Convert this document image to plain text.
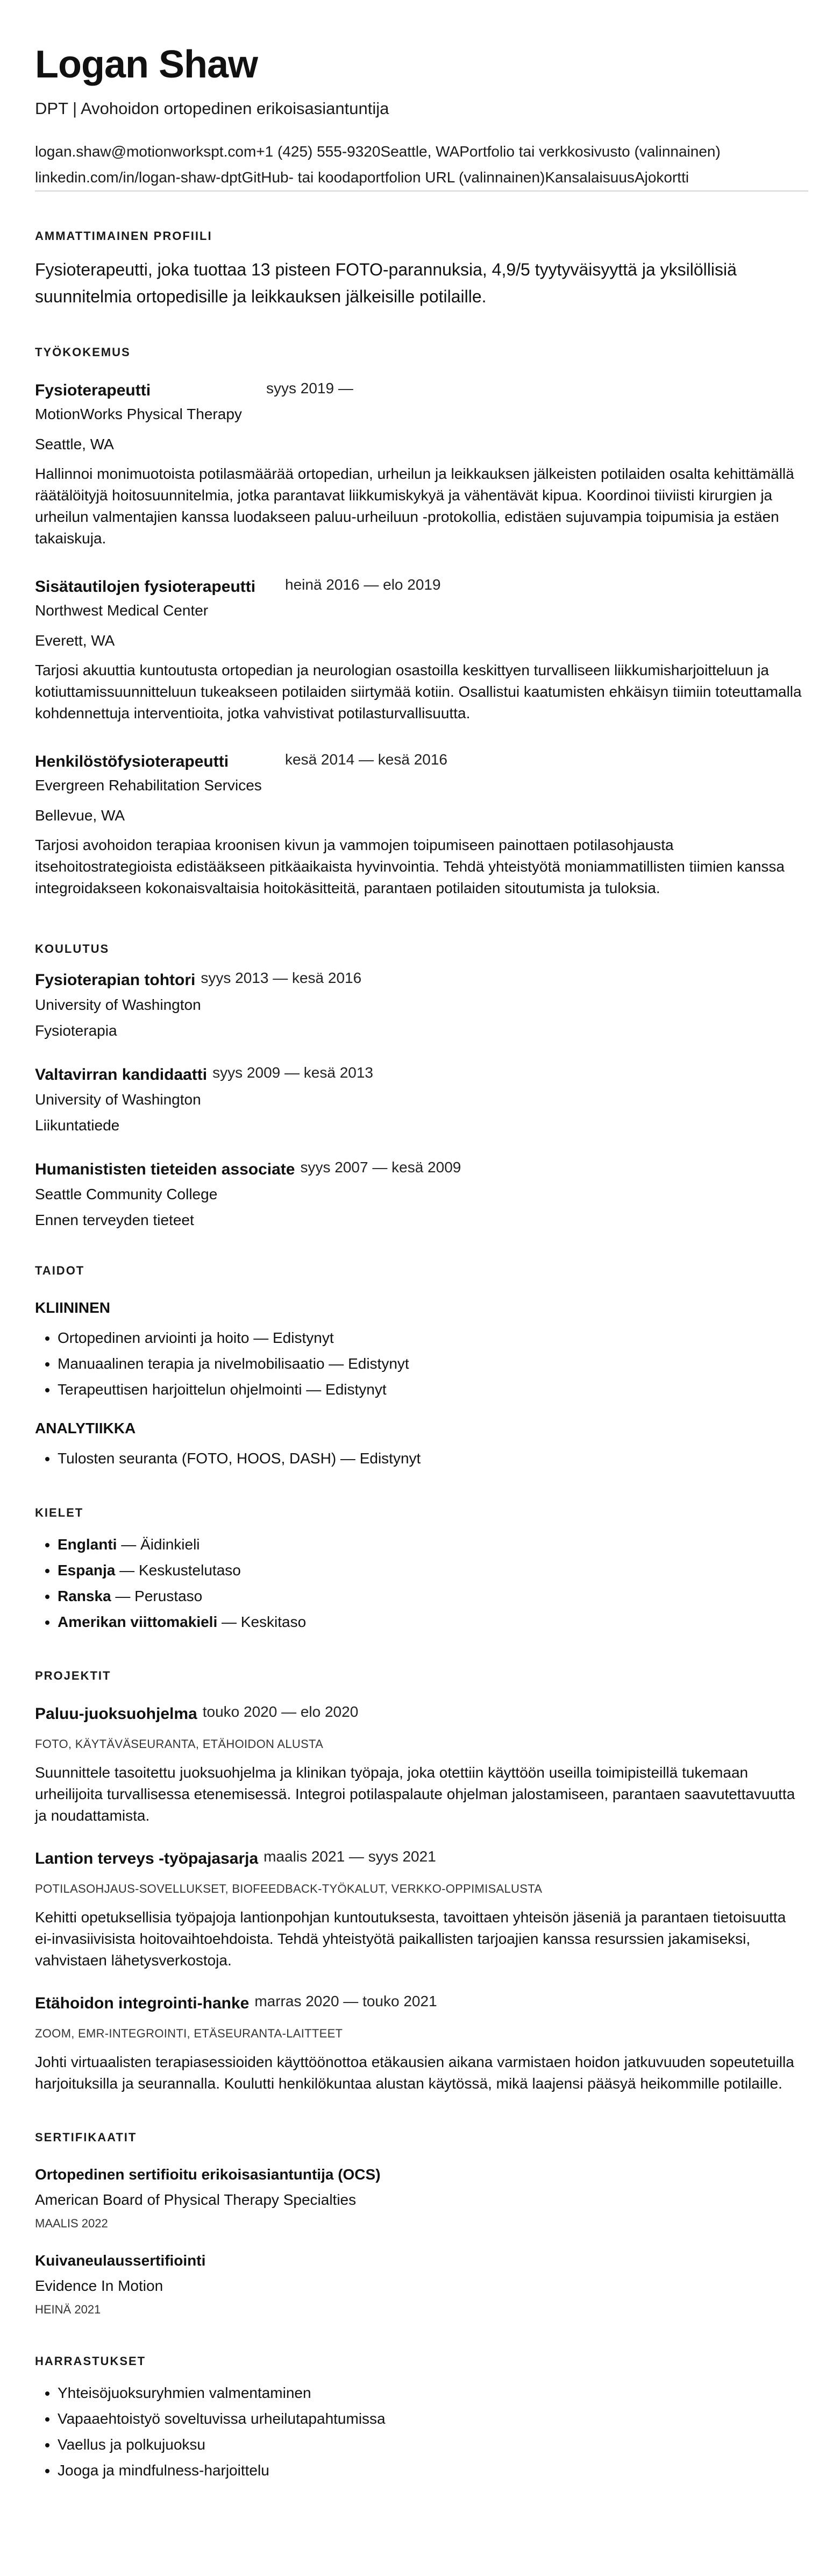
Logan Shaw
DPT | Avohoidon ortopedinen erikoisasiantuntija
logan.shaw@motionworkspt.com+1 (425) 555-9320Seattle, WAPortfolio tai verkkosivusto (valinnainen)
linkedin.com/in/logan-shaw-dptGitHub- tai koodaportfolion URL (valinnainen)KansalaisuusAjokortti
AMMATTIMAINEN PROFIILI

Fysioterapeutti, joka tuottaa 13 pisteen FOTO-parannuksia, 4,9/5 tyytyväisyyttä ja yksilöllisiä suunnitelmia ortopedisille ja leikkauksen jälkeisille potilaille.

TYÖKOKEMUS
Fysioterapeutti	syys 2019 —
MotionWorks Physical Therapy
Seattle, WA
Hallinnoi monimuotoista potilasmäärää ortopedian, urheilun ja leikkauksen jälkeisten potilaiden osalta kehittämällä räätälöityjä hoitosuunnitelmia, jotka parantavat liikkumiskykyä ja vähentävät kipua. Koordinoi tiiviisti kirurgien ja urheilun valmentajien kanssa luodakseen paluu-urheiluun -protokollia, edistäen sujuvampia toipumisia ja estäen takaiskuja.
Sisätautilojen fysioterapeutti	heinä 2016 — elo 2019
Northwest Medical Center
Everett, WA
Tarjosi akuuttia kuntoutusta ortopedian ja neurologian osastoilla keskittyen turvalliseen liikkumisharjoitteluun ja kotiuttamissuunnitteluun tukeakseen potilaiden siirtymää kotiin. Osallistui kaatumisten ehkäisyn tiimiin toteuttamalla kohdennettuja interventioita, jotka vahvistivat potilasturvallisuutta.
Henkilöstöfysioterapeutti	kesä 2014 — kesä 2016
Evergreen Rehabilitation Services
Bellevue, WA
Tarjosi avohoidon terapiaa kroonisen kivun ja vammojen toipumiseen painottaen potilasohjausta itsehoitostrategioista edistääkseen pitkäaikaista hyvinvointia. Tehdä yhteistyötä moniammatillisten tiimien kanssa integroidakseen kokonaisvaltaisia hoitokäsitteitä, parantaen potilaiden sitoutumista ja tuloksia.
KOULUTUS
Fysioterapian tohtori syys 2013 — kesä 2016
University of Washington
Fysioterapia
Valtavirran kandidaatti syys 2009 — kesä 2013
University of Washington
Liikuntatiede
Humanististen tieteiden associate syys 2007 — kesä 2009
Seattle Community College
Ennen terveyden tieteet
TAIDOT
KLIININEN
• Ortopedinen arviointi ja hoito — Edistynyt
• Manuaalinen terapia ja nivelmobilisaatio — Edistynyt
• Terapeuttisen harjoittelun ohjelmointi — Edistynyt
ANALYTIIKKA
• Tulosten seuranta (FOTO, HOOS, DASH) — Edistynyt
KIELET
• Englanti — Äidinkieli
• Espanja — Keskustelutaso
• Ranska — Perustaso
• Amerikan viittomakieli — Keskitaso
PROJEKTIT
Paluu-juoksuohjelma touko 2020 — elo 2020
FOTO, KÄYTÄVÄSEURANTA, ETÄHOIDON ALUSTA
Suunnittele tasoitettu juoksuohjelma ja klinikan työpaja, joka otettiin käyttöön useilla toimipisteillä tukemaan urheilijoita turvallisessa etenemisessä. Integroi potilaspalaute ohjelman jalostamiseen, parantaen saavutettavuutta ja noudattamista.
Lantion terveys -työpajasarja maalis 2021 — syys 2021
POTILASOHJAUS-SOVELLUKSET, BIOFEEDBACK-TYÖKALUT, VERKKO-OPPIMISALUSTA
Kehitti opetuksellisia työpajoja lantionpohjan kuntoutuksesta, tavoittaen yhteisön jäseniä ja parantaen tietoisuutta ei-invasiivisista hoitovaihtoehdoista. Tehdä yhteistyötä paikallisten tarjoajien kanssa resurssien jakamiseksi, vahvistaen lähetysverkostoja.
Etähoidon integrointi-hanke marras 2020 — touko 2021
ZOOM, EMR-INTEGROINTI, ETÄSEURANTA-LAITTEET
Johti virtuaalisten terapiasessioiden käyttöönottoa etäkausien aikana varmistaen hoidon jatkuvuuden sopeutetuilla harjoituksilla ja seurannalla. Koulutti henkilökuntaa alustan käytössä, mikä laajensi pääsyä heikommille potilaille.
SERTIFIKAATIT
Ortopedinen sertifioitu erikoisasiantuntija (OCS)
American Board of Physical Therapy Specialties
MAALIS 2022
Kuivaneulaussertifiointi
Evidence In Motion
HEINÄ 2021
HARRASTUKSET
• Yhteisöjuoksuryhmien valmentaminen
• Vapaaehtoistyö soveltuvissa urheilutapahtumissa
• Vaellus ja polkujuoksu
• Jooga ja mindfulness-harjoittelu
